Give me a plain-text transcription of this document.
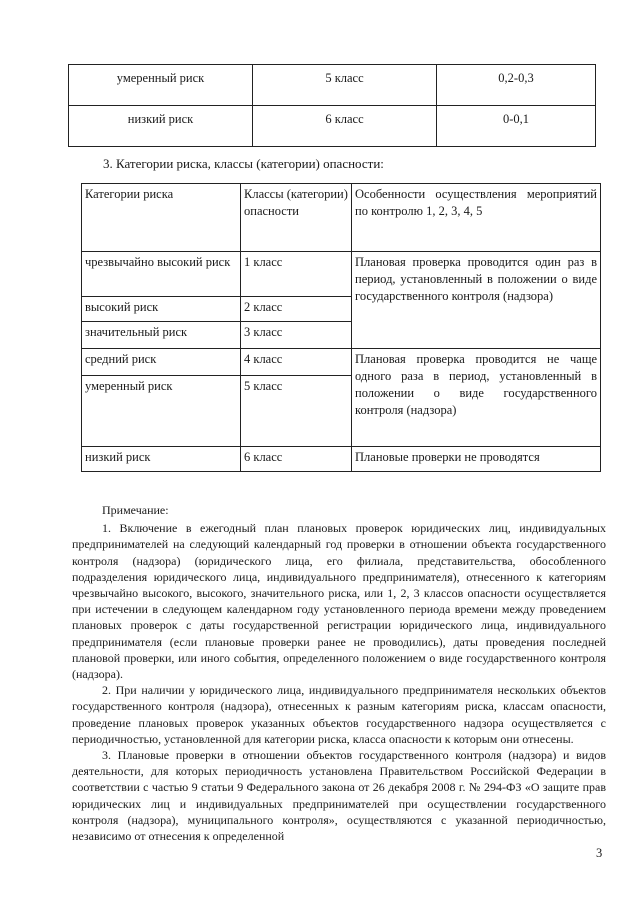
умеренный риск	5 класс	0,2-0,3
низкий риск	6 класс	0-0,1
3. Категории риска, классы (категории) опасности:
Категории риска	Классы (категории) опасности	Особенности осуществления мероприятий по контролю 1, 2, 3, 4, 5
чрезвычайно высокий риск	1 класс	Плановая проверка проводится один раз в период, установленный в положении о виде государственного контроля (надзора)
высокий риск	2 класс	
значительный риск	3 класс	
средний риск	4 класс	Плановая проверка проводится не чаще одного раза в период, установленный в положении о виде государственного контроля (надзора)
умеренный риск	5 класс	
низкий риск	6 класс	Плановые проверки не проводятся

Примечание:

1. Включение в ежегодный план плановых проверок юридических лиц, индивидуальных предпринимателей на следующий календарный год проверки в отношении объекта государственного контроля (надзора) (юридического лица, его филиала, представительства, обособленного подразделения юридического лица, индивидуального предпринимателя), отнесенного к категориям чрезвычайно высокого, высокого, значительного риска, или 1, 2, 3 классов опасности осуществляется при истечении в следующем календарном году установленного периода времени между проведением плановых проверок с даты государственной регистрации юридического лица, индивидуального предпринимателя (если плановые проверки ранее не проводились), даты проведения последней плановой проверки, или иного события, определенного положением о виде государственного контроля (надзора).

2. При наличии у юридического лица, индивидуального предпринимателя нескольких объектов государственного контроля (надзора), отнесенных к разным категориям риска, классам опасности, проведение плановых проверок указанных объектов государственного надзора осуществляется с периодичностью, установленной для категории риска, класса опасности к которым они отнесены.

3. Плановые проверки в отношении объектов государственного контроля (надзора) и видов деятельности, для которых периодичность установлена Правительством Российской Федерации в соответствии с частью 9 статьи 9 Федерального закона от 26 декабря 2008 г. № 294-ФЗ «О защите прав юридических лиц и индивидуальных предпринимателей при осуществлении государственного контроля (надзора), муниципального контроля», осуществляются с указанной периодичностью, независимо от отнесения к определенной

3
